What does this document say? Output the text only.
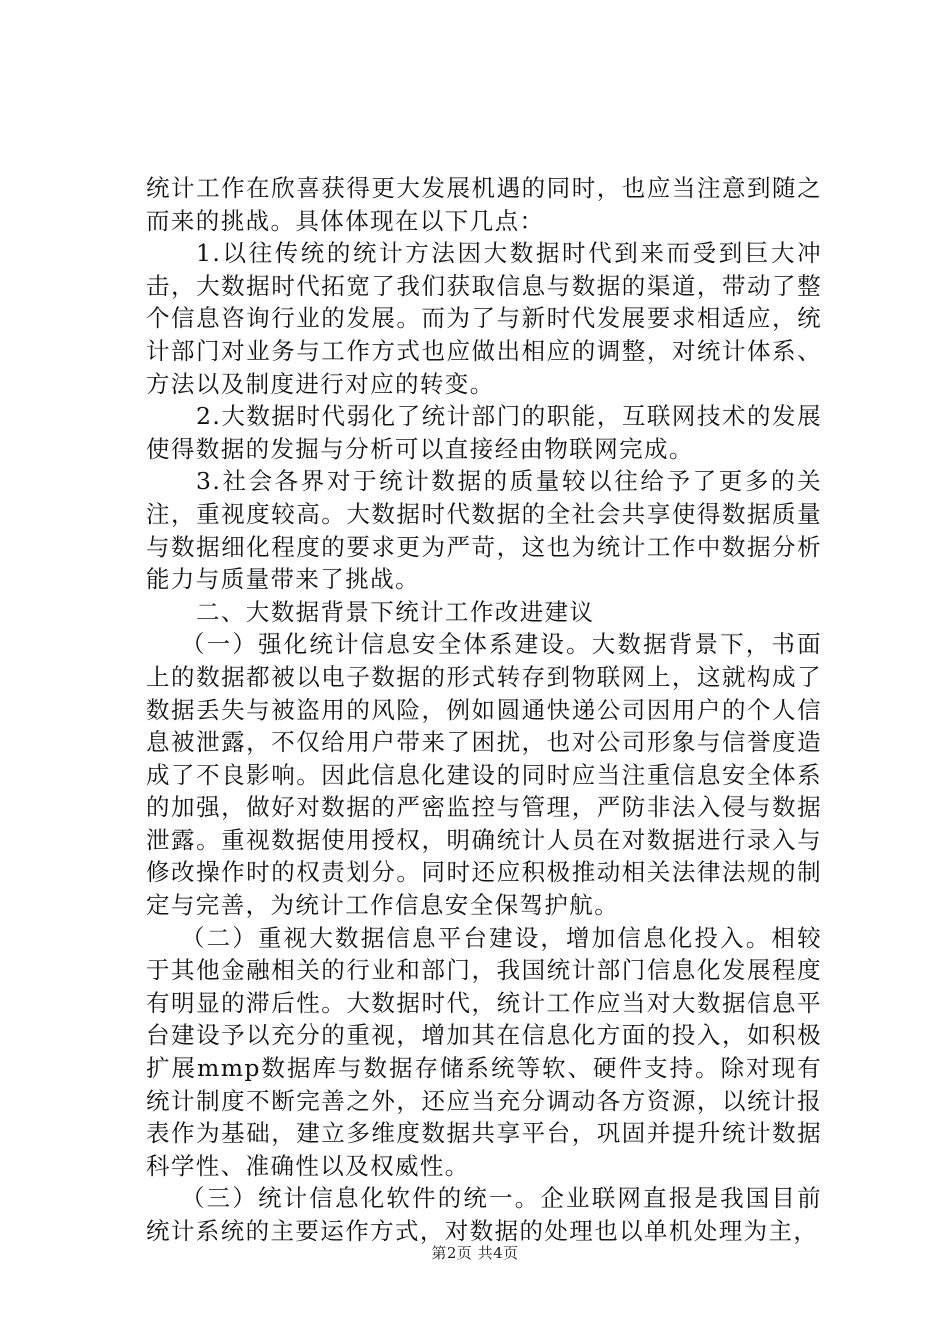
统计工作在欣喜获得更大发展机遇的同时，也应当注意到随之而来的挑战。具体体现在以下几点：

1.以往传统的统计方法因大数据时代到来而受到巨大冲击，大数据时代拓宽了我们获取信息与数据的渠道，带动了整个信息咨询行业的发展。而为了与新时代发展要求相适应，统计部门对业务与工作方式也应做出相应的调整，对统计体系、方法以及制度进行对应的转变。

2.大数据时代弱化了统计部门的职能，互联网技术的发展使得数据的发掘与分析可以直接经由物联网完成。

3.社会各界对于统计数据的质量较以往给予了更多的关注，重视度较高。大数据时代数据的全社会共享使得数据质量与数据细化程度的要求更为严苛，这也为统计工作中数据分析能力与质量带来了挑战。

二、大数据背景下统计工作改进建议

（一）强化统计信息安全体系建设。大数据背景下，书面上的数据都被以电子数据的形式转存到物联网上，这就构成了数据丢失与被盗用的风险，例如圆通快递公司因用户的个人信息被泄露，不仅给用户带来了困扰，也对公司形象与信誉度造成了不良影响。因此信息化建设的同时应当注重信息安全体系的加强，做好对数据的严密监控与管理，严防非法入侵与数据泄露。重视数据使用授权，明确统计人员在对数据进行录入与修改操作时的权责划分。同时还应积极推动相关法律法规的制定与完善，为统计工作信息安全保驾护航。

（二）重视大数据信息平台建设，增加信息化投入。相较于其他金融相关的行业和部门，我国统计部门信息化发展程度有明显的滞后性。大数据时代，统计工作应当对大数据信息平台建设予以充分的重视，增加其在信息化方面的投入，如积极扩展mmp数据库与数据存储系统等软、硬件支持。除对现有统计制度不断完善之外，还应当充分调动各方资源，以统计报表作为基础，建立多维度数据共享平台，巩固并提升统计数据科学性、准确性以及权威性。

（三）统计信息化软件的统一。企业联网直报是我国目前统计系统的主要运作方式，对数据的处理也以单机处理为主，

第2页 共4页
